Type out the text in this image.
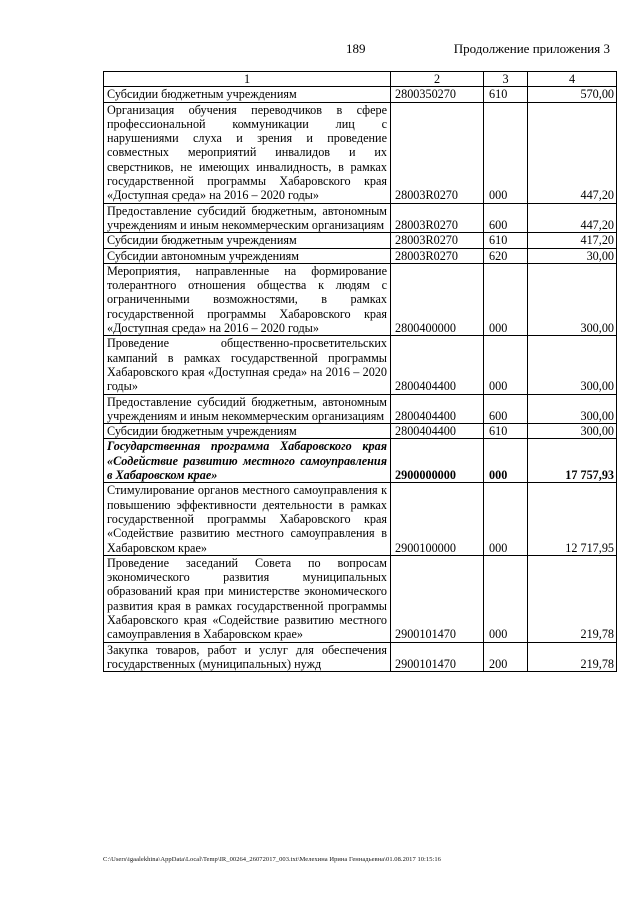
189	Продолжение приложения 3
1	2	3	4
Субсидии бюджетным учреждениям	2800350270	610	570,00
Организация обучения переводчиков в сфере профессиональной коммуникации лиц с нарушениями слуха и зрения и проведение совместных мероприятий инвалидов и их сверстников, не имеющих инвалидность, в рамках государственной программы Хабаровского края «Доступная среда» на 2016 – 2020 годы»	28003R0270	000	447,20
Предоставление субсидий бюджетным, автономным учреждениям и иным некоммерческим организациям	28003R0270	600	447,20
Субсидии бюджетным учреждениям	28003R0270	610	417,20
Субсидии автономным учреждениям	28003R0270	620	30,00
Мероприятия, направленные на формирование толерантного отношения общества к людям с ограниченными возможностями, в рамках государственной программы Хабаровского края «Доступная среда» на 2016 – 2020 годы»	2800400000	000	300,00
Проведение общественно-просветительских кампаний в рамках государственной программы Хабаровского края «Доступная среда» на 2016 – 2020 годы»	2800404400	000	300,00
Предоставление субсидий бюджетным, автономным учреждениям и иным некоммерческим организациям	2800404400	600	300,00
Субсидии бюджетным учреждениям	2800404400	610	300,00
Государственная программа Хабаровского края «Содействие развитию местного самоуправления в Хабаровском крае»	2900000000	000	17 757,93
Стимулирование органов местного самоуправления к повышению эффективности деятельности в рамках государственной программы Хабаровского края «Содействие развитию местного самоуправления в Хабаровском крае»	2900100000	000	12 717,95
Проведение заседаний Совета по вопросам экономического развития муниципальных образований края при министерстве экономического развития края в рамках государственной программы Хабаровского края «Содействие развитию местного самоуправления в Хабаровском крае»	2900101470	000	219,78
Закупка товаров, работ и услуг для обеспечения государственных (муниципальных) нужд	2900101470	200	219,78
C:\Users\igaalekhina\AppData\Local\Temp\IR_00264_26072017_003.txt\Мелехина Ирина Геннадьевна\01.08.2017 10:15:16
